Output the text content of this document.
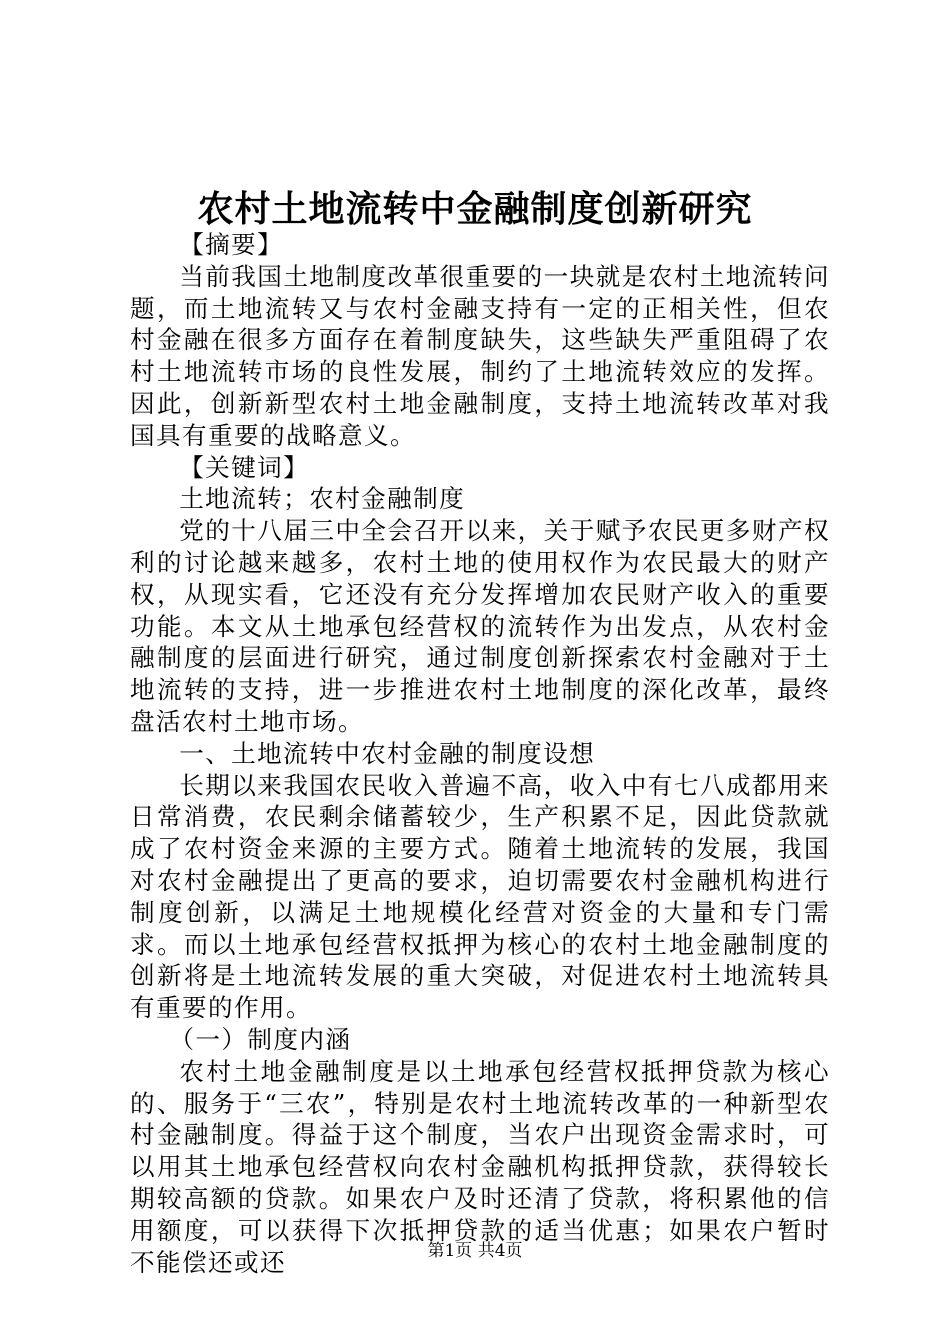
农村土地流转中金融制度创新研究

【摘要】

当前我国土地制度改革很重要的一块就是农村土地流转问题，而土地流转又与农村金融支持有一定的正相关性，但农村金融在很多方面存在着制度缺失，这些缺失严重阻碍了农村土地流转市场的良性发展，制约了土地流转效应的发挥。因此，创新新型农村土地金融制度，支持土地流转改革对我国具有重要的战略意义。

【关键词】

土地流转；农村金融制度

党的十八届三中全会召开以来，关于赋予农民更多财产权利的讨论越来越多，农村土地的使用权作为农民最大的财产权，从现实看，它还没有充分发挥增加农民财产收入的重要功能。本文从土地承包经营权的流转作为出发点，从农村金融制度的层面进行研究，通过制度创新探索农村金融对于土地流转的支持，进一步推进农村土地制度的深化改革，最终盘活农村土地市场。

一、土地流转中农村金融的制度设想

长期以来我国农民收入普遍不高，收入中有七八成都用来日常消费，农民剩余储蓄较少，生产积累不足，因此贷款就成了农村资金来源的主要方式。随着土地流转的发展，我国对农村金融提出了更高的要求，迫切需要农村金融机构进行制度创新，以满足土地规模化经营对资金的大量和专门需求。而以土地承包经营权抵押为核心的农村土地金融制度的创新将是土地流转发展的重大突破，对促进农村土地流转具有重要的作用。

（一）制度内涵

农村土地金融制度是以土地承包经营权抵押贷款为核心的、服务于“三农”，特别是农村土地流转改革的一种新型农村金融制度。得益于这个制度，当农户出现资金需求时，可以用其土地承包经营权向农村金融机构抵押贷款，获得较长期较高额的贷款。如果农户及时还清了贷款，将积累他的信用额度，可以获得下次抵押贷款的适当优惠；如果农户暂时不能偿还或还	第1页 共4页
